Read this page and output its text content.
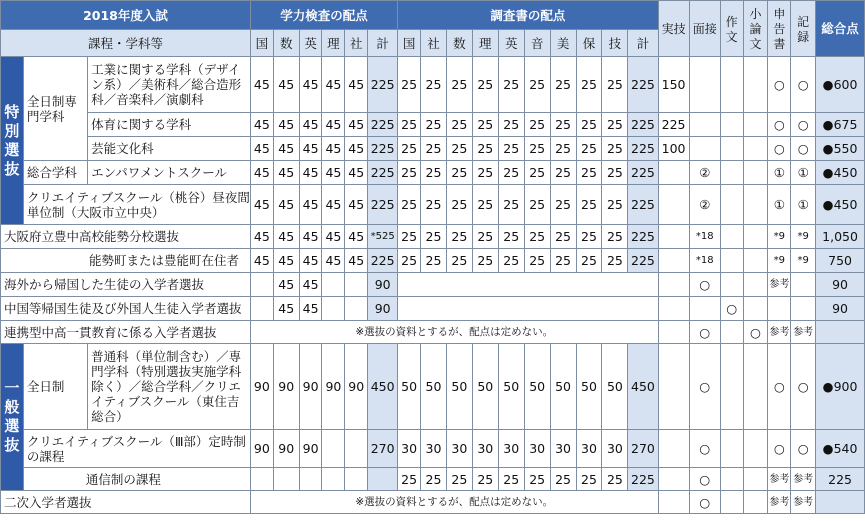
2018年度入試			学力検査の配点						調査書の配点										実技	面接	作文	小論文	申告書	記録	総合点
課程・学科等			国	数	英	理	社	計	国	社	数	理	英	音	美	保	技	計							
特別選抜	全日制専門学科	工業に関する学科（デザイン系）／美術科／総合造形科／音楽科／演劇科	45	45	45	45	45	225	25	25	25	25	25	25	25	25	25	225	150				○	○	●600
		体育に関する学科	45	45	45	45	45	225	25	25	25	25	25	25	25	25	25	225	225				○	○	●675
		芸能文化科	45	45	45	45	45	225	25	25	25	25	25	25	25	25	25	225	100				○	○	●550
	総合学科	エンパワメントスクール	45	45	45	45	45	225	25	25	25	25	25	25	25	25	25	225		②			①	①	●450
	クリエイティブスクール（桃谷）昼夜間単位制（大阪市立中央）		45	45	45	45	45	225	25	25	25	25	25	25	25	25	25	225		②			①	①	●450
大阪府立豊中高校能勢分校選抜			45	45	45	45	45	*525	25	25	25	25	25	25	25	25	25	225		*18			*9	*9	1,050
能勢町または豊能町在住者			45	45	45	45	45	225	25	25	25	25	25	25	25	25	25	225		*18			*9	*9	750
海外から帰国した生徒の入学者選抜				45	45			90												○			参考		90
中国等帰国生徒及び外国人生徒入学者選抜				45	45			90													○				90
連携型中高一貫教育に係る入学者選抜			※選抜の資料とするが、配点は定めない。																	○		○	参考	参考	
一般選抜	全日制	普通科（単位制含む）／専門学科（特別選抜実施学科除く）／総合学科／クリエイティブスクール（東住吉総合）	90	90	90	90	90	450	50	50	50	50	50	50	50	50	50	450		○			○	○	●900
	クリエイティブスクール（Ⅲ部）定時制の課程		90	90	90			270	30	30	30	30	30	30	30	30	30	270		○			○	○	●540
	通信制の課程								25	25	25	25	25	25	25	25	25	225		○			参考	参考	225
二次入学者選抜			※選抜の資料とするが、配点は定めない。																	○			参考	参考	
